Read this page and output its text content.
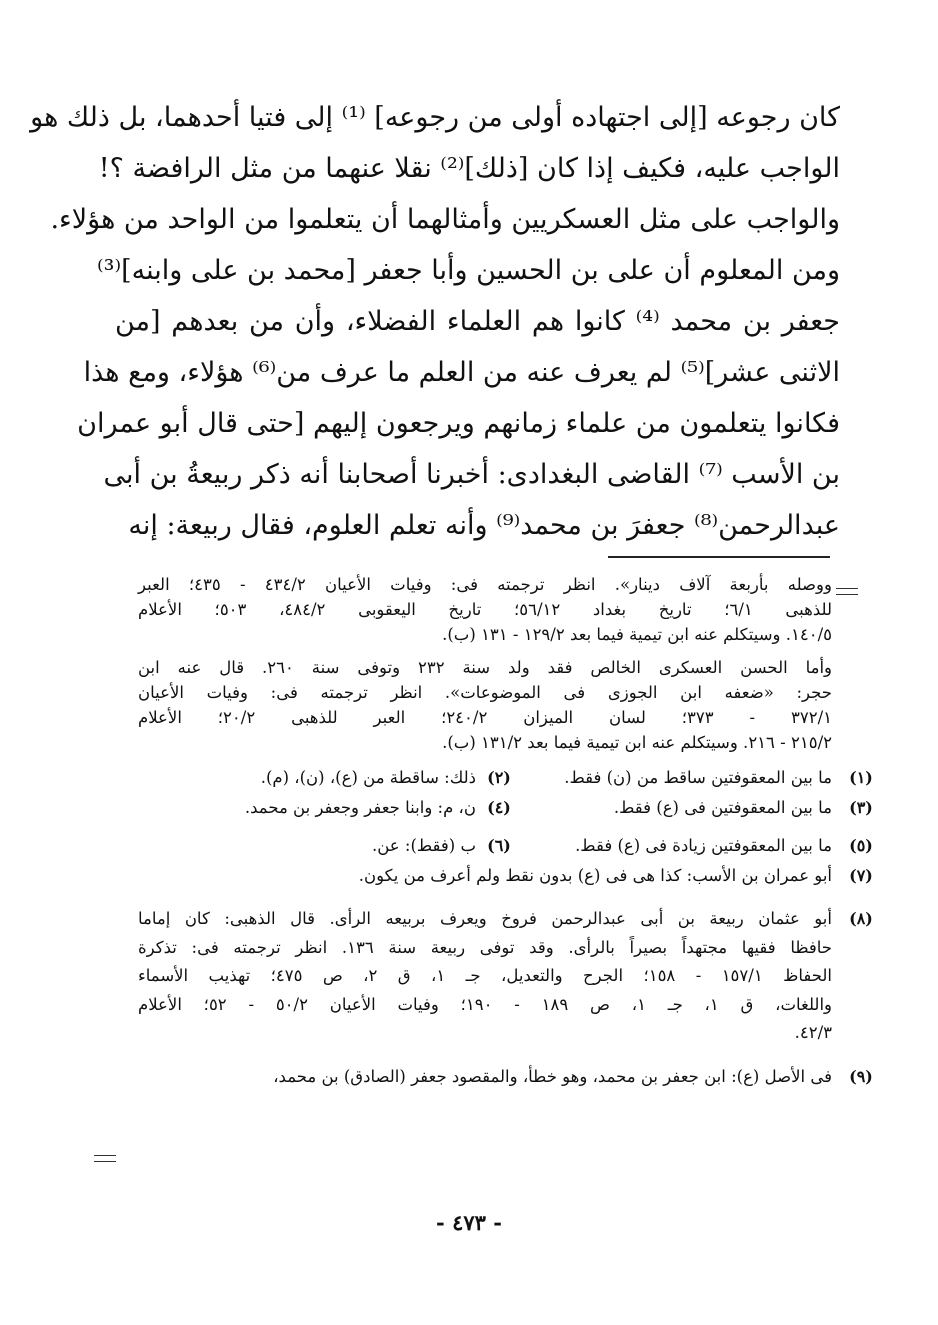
كان رجوعه [إلى اجتهاده أولى من رجوعه] ⁽¹⁾ إلى فتيا أحدهما، بل ذلك هو
الواجب عليه، فكيف إذا كان [ذلك]⁽²⁾ نقلا عنهما من مثل الرافضة ؟!
والواجب على مثل العسكريين وأمثالهما أن يتعلموا من الواحد من هؤلاء.
ومن المعلوم أن على بن الحسين وأبا جعفر [محمد بن على وابنه]⁽³⁾
جعفر بن محمد ⁽⁴⁾ كانوا هم العلماء الفضلاء، وأن من بعدهم [من
الاثنى عشر]⁽⁵⁾ لم يعرف عنه من العلم ما عرف من⁽⁶⁾ هؤلاء، ومع هذا
فكانوا يتعلمون من علماء زمانهم ويرجعون إليهم [حتى قال أبو عمران
بن الأسب ⁽⁷⁾ القاضى البغدادى: أخبرنا أصحابنا أنه ذكر ربيعةُ بن أبى
عبدالرحمن⁽⁸⁾ جعفرَ بن محمد⁽⁹⁾ وأنه تعلم العلوم، فقال ربيعة: إنه
ووصله بأربعة آلاف دينار». انظر ترجمته فى: وفيات الأعيان ٤٣٤/٢ - ٤٣٥؛ العبر
للذهبى ٦/١؛ تاريخ بغداد ٥٦/١٢؛ تاريخ اليعقوبى ٤٨٤/٢، ٥٠٣؛ الأعلام
١٤٠/٥. وسيتكلم عنه ابن تيمية فيما بعد ١٢٩/٢ - ١٣١ (ب).
وأما الحسن العسكرى الخالص فقد ولد سنة ٢٣٢ وتوفى سنة ٢٦٠. قال عنه ابن
حجر: «ضعفه ابن الجوزى فى الموضوعات». انظر ترجمته فى: وفيات الأعيان
٣٧٢/١ - ٣٧٣؛ لسان الميزان ٢٤٠/٢؛ العبر للذهبى ٢٠/٢؛ الأعلام
٢١٥/٢ - ٢١٦. وسيتكلم عنه ابن تيمية فيما بعد ١٣١/٢ (ب).
(١)
ما بين المعقوفتين ساقط من (ن) فقط.
(٢)
ذلك: ساقطة من (ع)، (ن)، (م).
(٣)
ما بين المعقوفتين فى (ع) فقط.
(٤)
ن، م: وابنا جعفر وجعفر بن محمد.
(٥)
ما بين المعقوفتين زيادة فى (ع) فقط.
(٦)
ب (فقط): عن.
(٧)
أبو عمران بن الأسب: كذا هى فى (ع) بدون نقط ولم أعرف من يكون.
(٨)
أبو عثمان ربيعة بن أبى عبدالرحمن فروخ ويعرف بربيعه الرأى. قال الذهبى: كان إماما
حافظا فقيها مجتهداً بصيراً بالرأى. وقد توفى ربيعة سنة ١٣٦. انظر ترجمته فى: تذكرة
الحفاظ ١٥٧/١ - ١٥٨؛ الجرح والتعديل، جـ ١، ق ٢، ص ٤٧٥؛ تهذيب الأسماء
واللغات، ق ١، جـ ١، ص ١٨٩ - ١٩٠؛ وفيات الأعيان ٥٠/٢ - ٥٢؛ الأعلام
٤٢/٣.
(٩)
فى الأصل (ع): ابن جعفر بن محمد، وهو خطأ، والمقصود جعفر (الصادق) بن محمد،
- ٤٧٣ -
